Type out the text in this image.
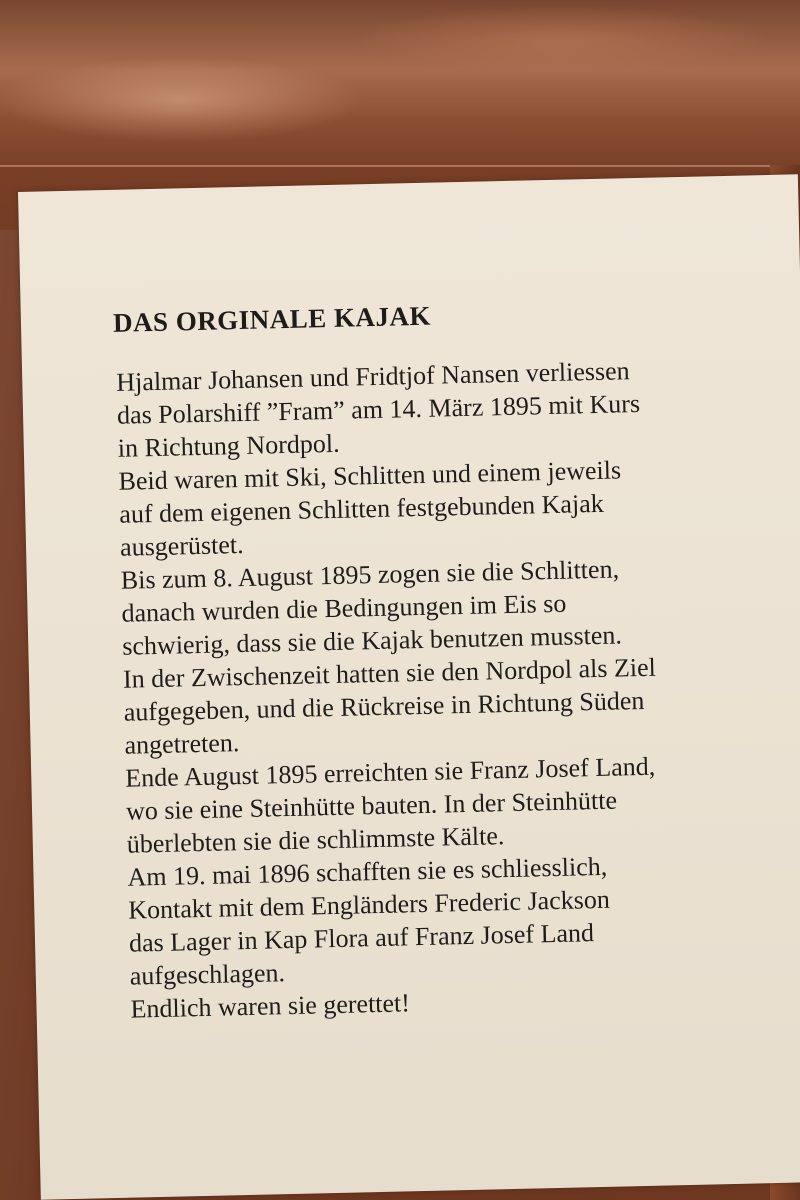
DAS ORGINALE KAJAK
Hjalmar Johansen und Fridtjof Nansen verliessen
das Polarshiff ”Fram” am 14. März 1895 mit Kurs
in Richtung Nordpol.
Beid waren mit Ski, Schlitten und einem jeweils
auf dem eigenen Schlitten festgebunden Kajak
ausgerüstet.
Bis zum 8. August 1895 zogen sie die Schlitten,
danach wurden die Bedingungen im Eis so
schwierig, dass sie die Kajak benutzen mussten.
In der Zwischenzeit hatten sie den Nordpol als Ziel
aufgegeben, und die Rückreise in Richtung Süden
angetreten.
Ende August 1895 erreichten sie Franz Josef Land,
wo sie eine Steinhütte bauten. In der Steinhütte
überlebten sie die schlimmste Kälte.
Am 19. mai 1896 schafften sie es schliesslich,
Kontakt mit dem Engländers Frederic Jackson
das Lager in Kap Flora auf Franz Josef Land
aufgeschlagen.
Endlich waren sie gerettet!
